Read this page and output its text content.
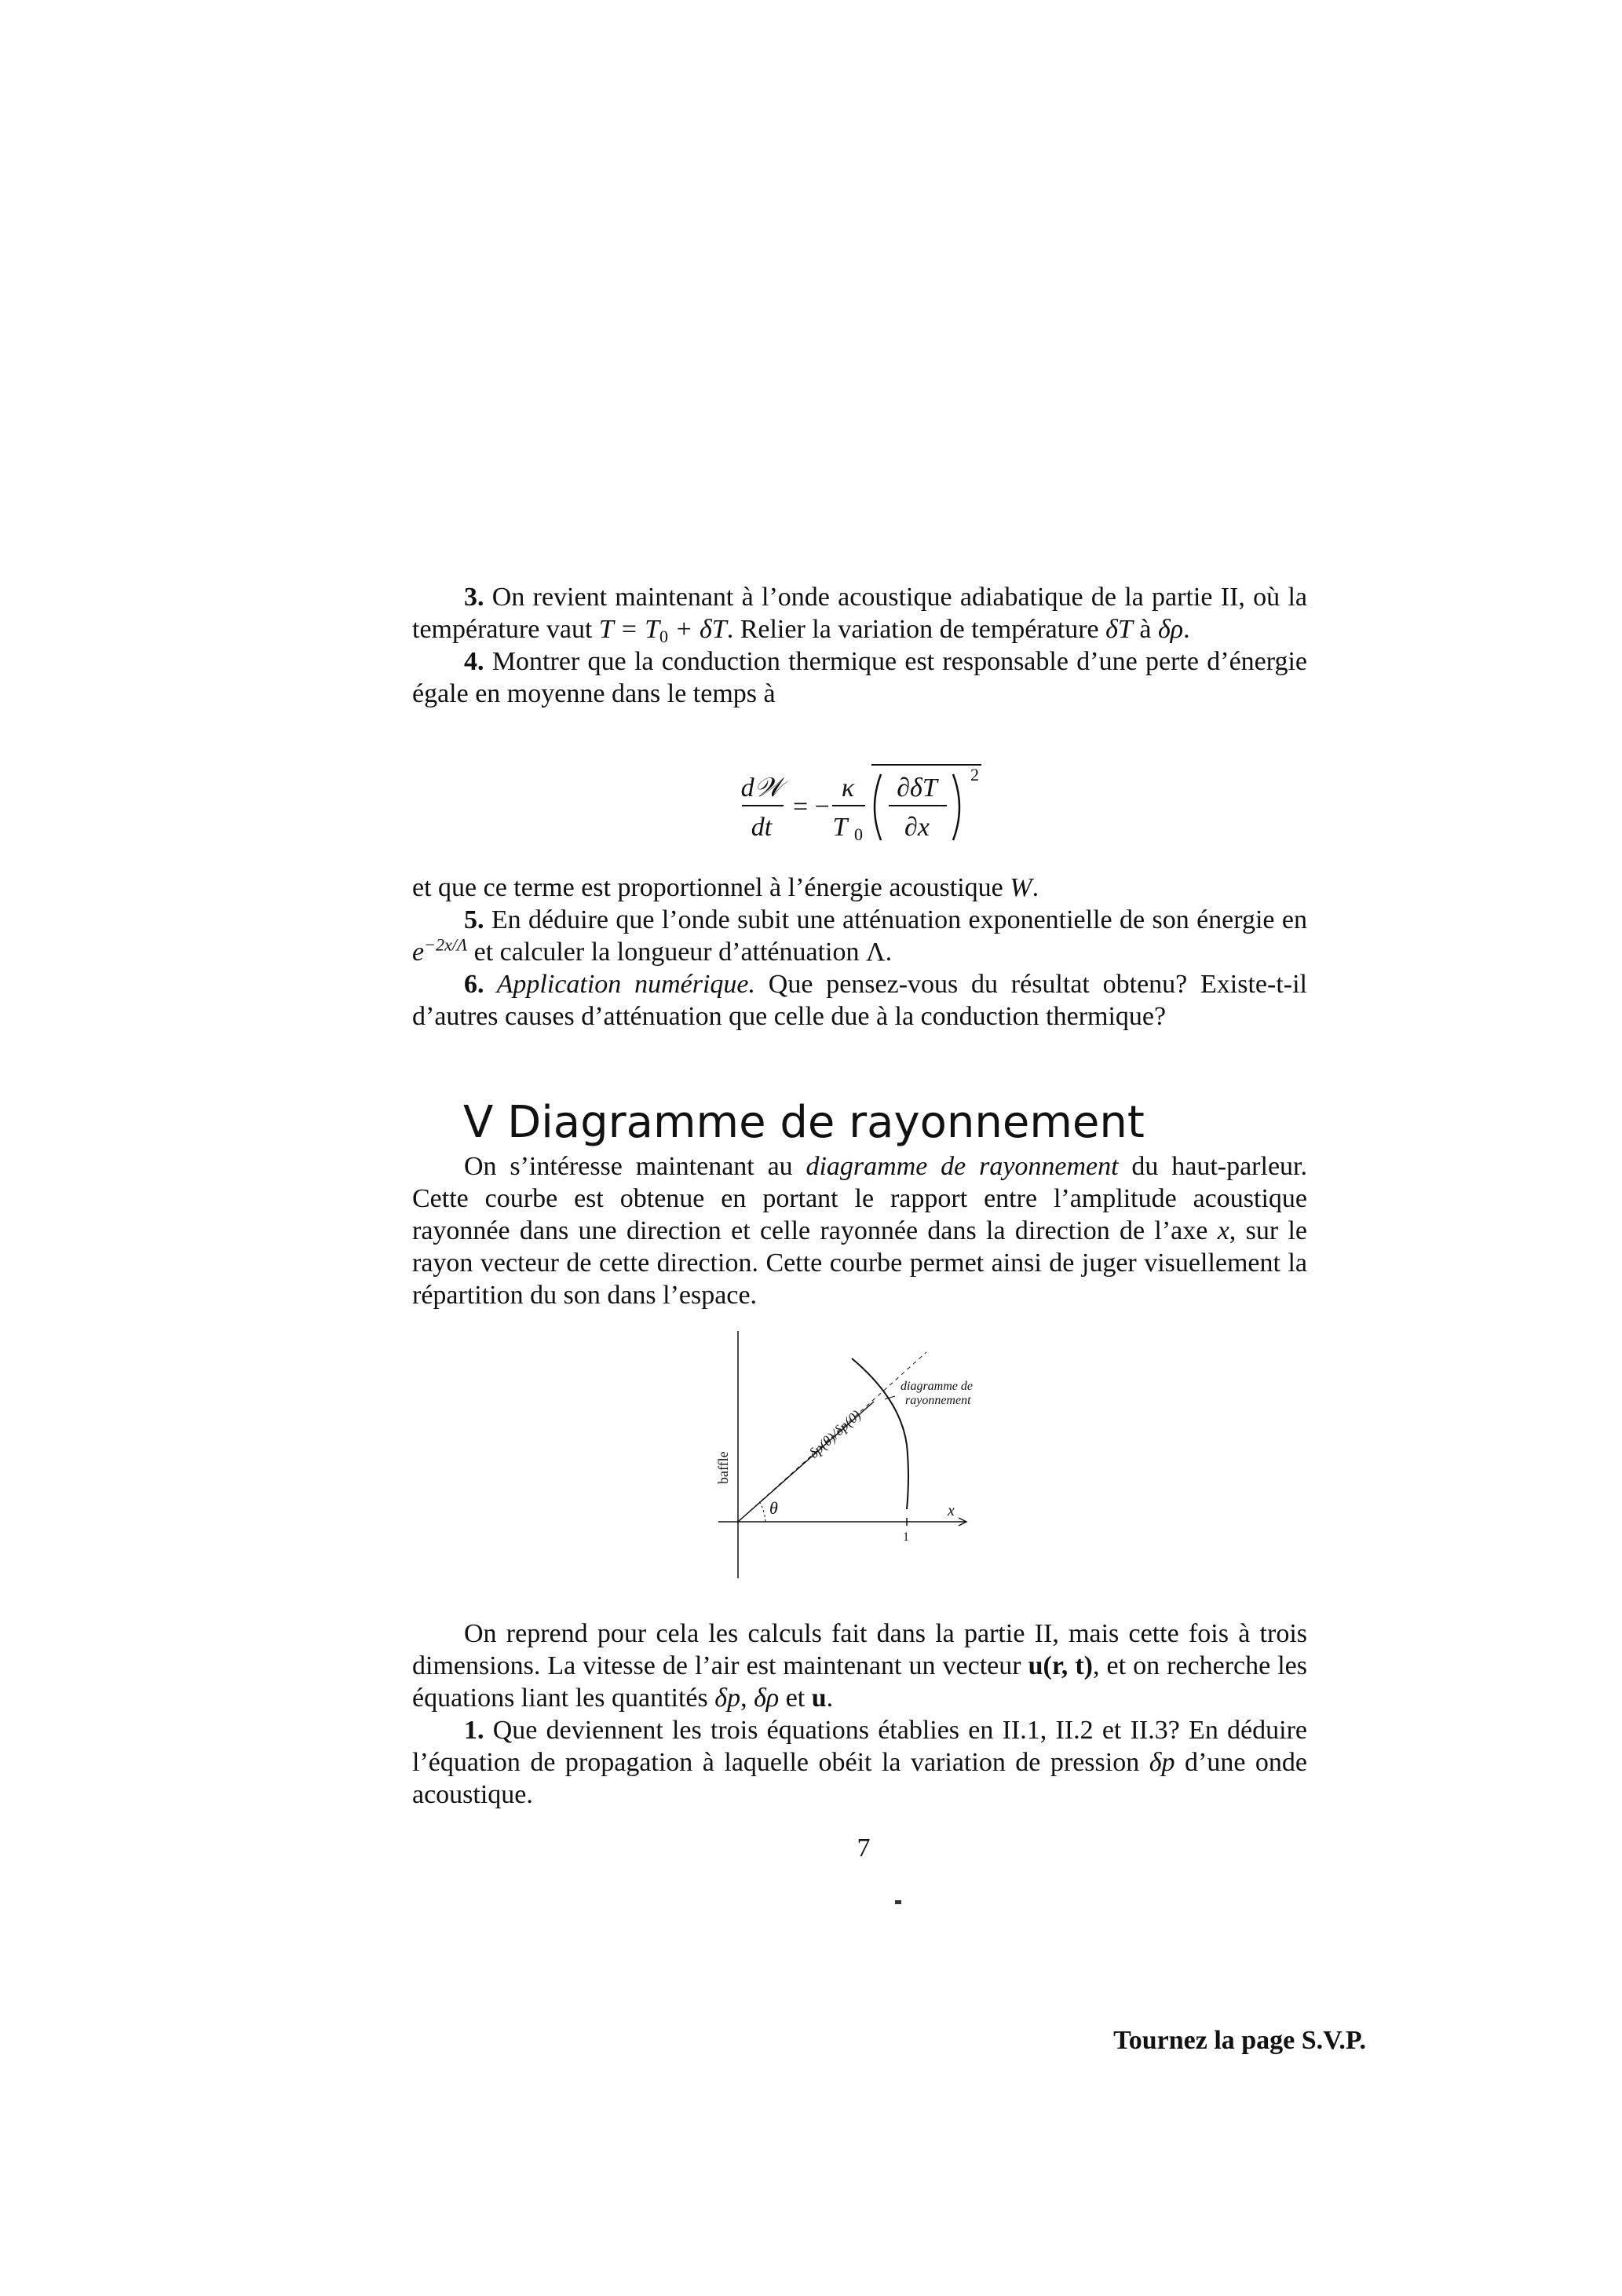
3. On revient maintenant à l’onde acoustique adiabatique de la partie II, où la température vaut $T = T_0 + \delta T$. Relier la variation de température δT à δρ.

4. Montrer que la conduction thermique est responsable d’une perte d’énergie égale en moyenne dans le temps à

d𝒲
dt
= −
κ
T 0
∂δT
∂x
2

et que ce terme est proportionnel à l’énergie acoustique W.

5. En déduire que l’onde subit une atténuation exponentielle de son énergie en $e^{-2x/\Lambda}$ et calculer la longueur d’atténuation Λ.

6. Application numérique. Que pensez-vous du résultat obtenu? Existe-t-il d’autres causes d’atténuation que celle due à la conduction thermique?

V Diagramme de rayonnement

On s’intéresse maintenant au diagramme de rayonnement du haut-parleur. Cette courbe est obtenue en portant le rapport entre l’amplitude acoustique rayonnée dans une direction et celle rayonnée dans la direction de l’axe x, sur le rayon vecteur de cette direction. Cette courbe permet ainsi de juger visuellement la répartition du son dans l’espace.

baffle
δp(θ)/δp(0)
θ	x
1
diagramme de
rayonnement

On reprend pour cela les calculs fait dans la partie II, mais cette fois à trois dimensions. La vitesse de l’air est maintenant un vecteur u(r, t), et on recherche les équations liant les quantités δp, δρ et u.

1. Que deviennent les trois équations établies en II.1, II.2 et II.3? En déduire l’équation de propagation à laquelle obéit la variation de pression δp d’une onde acoustique.

7
Tournez la page S.V.P.
